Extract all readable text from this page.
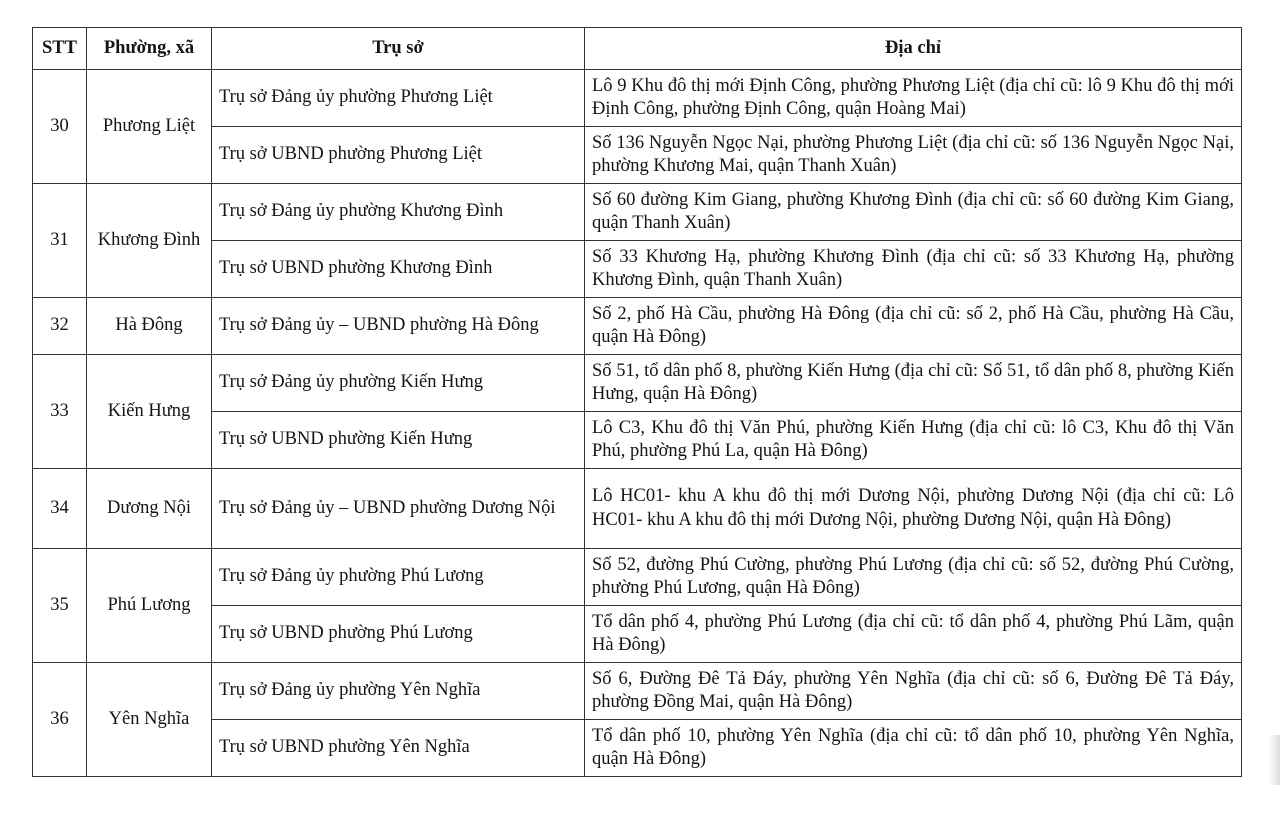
STT	Phường, xã	Trụ sở	Địa chỉ
30	Phương Liệt	Trụ sở Đảng ủy phường Phương Liệt	Lô 9 Khu đô thị mới Định Công, phường Phương Liệt (địa chỉ cũ: lô 9 Khu đô thị mới Định Công, phường Định Công, quận Hoàng Mai)
		Trụ sở UBND phường Phương Liệt	Số 136 Nguyễn Ngọc Nại, phường Phương Liệt (địa chỉ cũ: số 136 Nguyễn Ngọc Nại, phường Khương Mai, quận Thanh Xuân)
31	Khương Đình	Trụ sở Đảng ủy phường Khương Đình	Số 60 đường Kim Giang, phường Khương Đình (địa chỉ cũ: số 60 đường Kim Giang, quận Thanh Xuân)
		Trụ sở UBND phường Khương Đình	Số 33 Khương Hạ, phường Khương Đình (địa chỉ cũ: số 33 Khương Hạ, phường Khương Đình, quận Thanh Xuân)
32	Hà Đông	Trụ sở Đảng ủy – UBND phường Hà Đông	Số 2, phố Hà Cầu, phường Hà Đông (địa chỉ cũ: số 2, phố Hà Cầu, phường Hà Cầu, quận Hà Đông)
33	Kiến Hưng	Trụ sở Đảng ủy phường Kiến Hưng	Số 51, tổ dân phố 8, phường Kiến Hưng (địa chỉ cũ: Số 51, tổ dân phố 8, phường Kiến Hưng, quận Hà Đông)
		Trụ sở UBND phường Kiến Hưng	Lô C3, Khu đô thị Văn Phú, phường Kiến Hưng (địa chỉ cũ: lô C3, Khu đô thị Văn Phú, phường Phú La, quận Hà Đông)
34	Dương Nội	Trụ sở Đảng ủy – UBND phường Dương Nội	Lô HC01- khu A khu đô thị mới Dương Nội, phường Dương Nội (địa chỉ cũ: Lô HC01- khu A khu đô thị mới Dương Nội, phường Dương Nội, quận Hà Đông)
35	Phú Lương	Trụ sở Đảng ủy phường Phú Lương	Số 52, đường Phú Cường, phường Phú Lương (địa chỉ cũ: số 52, đường Phú Cường, phường Phú Lương, quận Hà Đông)
		Trụ sở UBND phường Phú Lương	Tổ dân phố 4, phường Phú Lương (địa chỉ cũ: tổ dân phố 4, phường Phú Lãm, quận Hà Đông)
36	Yên Nghĩa	Trụ sở Đảng ủy phường Yên Nghĩa	Số 6, Đường Đê Tả Đáy, phường Yên Nghĩa (địa chỉ cũ: số 6, Đường Đê Tả Đáy, phường Đồng Mai, quận Hà Đông)
		Trụ sở UBND phường Yên Nghĩa	Tổ dân phố 10, phường Yên Nghĩa (địa chỉ cũ: tổ dân phố 10, phường Yên Nghĩa, quận Hà Đông)
